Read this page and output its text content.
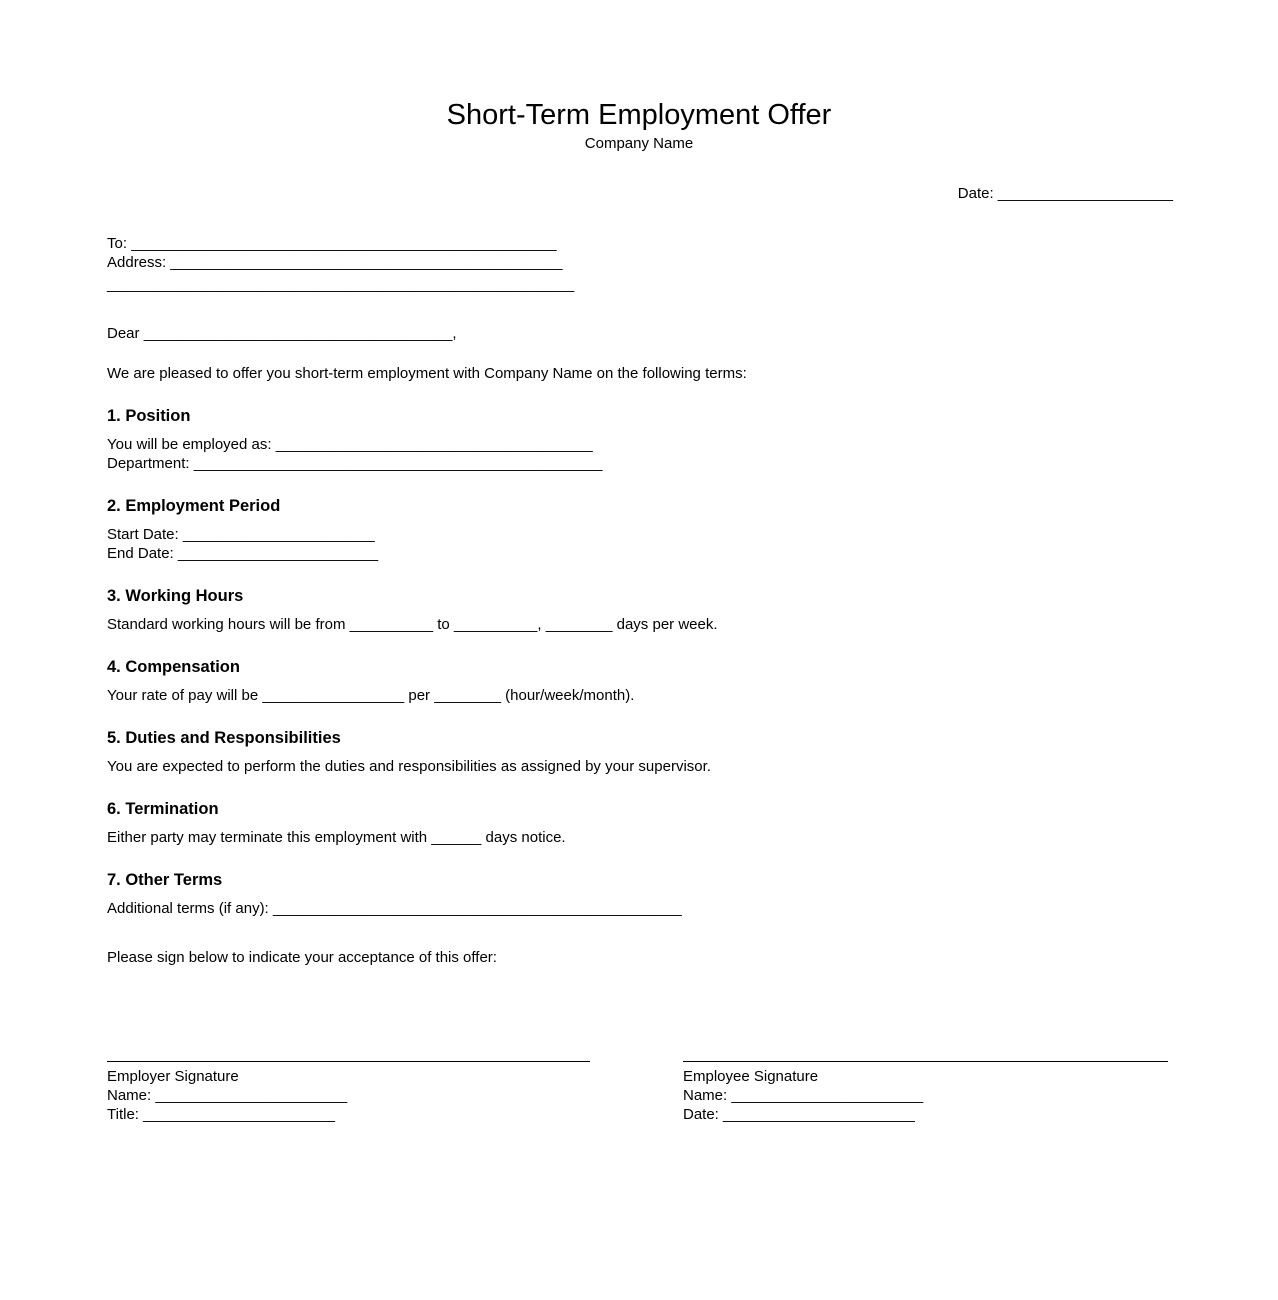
Short-Term Employment Offer
Company Name
Date: _____________________
To: ___________________________________________________
Address: _______________________________________________
________________________________________________________
Dear _____________________________________,
We are pleased to offer you short-term employment with Company Name on the following terms:
1. Position
You will be employed as: ______________________________________
Department: _________________________________________________
2. Employment Period
Start Date: _______________________
End Date: ________________________
3. Working Hours
Standard working hours will be from __________ to __________, ________ days per week.
4. Compensation
Your rate of pay will be _________________ per ________ (hour/week/month).
5. Duties and Responsibilities
You are expected to perform the duties and responsibilities as assigned by your supervisor.
6. Termination
Either party may terminate this employment with ______ days notice.
7. Other Terms
Additional terms (if any): _________________________________________________
Please sign below to indicate your acceptance of this offer:
Employer Signature
Name: _______________________
Title: _______________________
Employee Signature
Name: _______________________
Date: _______________________
